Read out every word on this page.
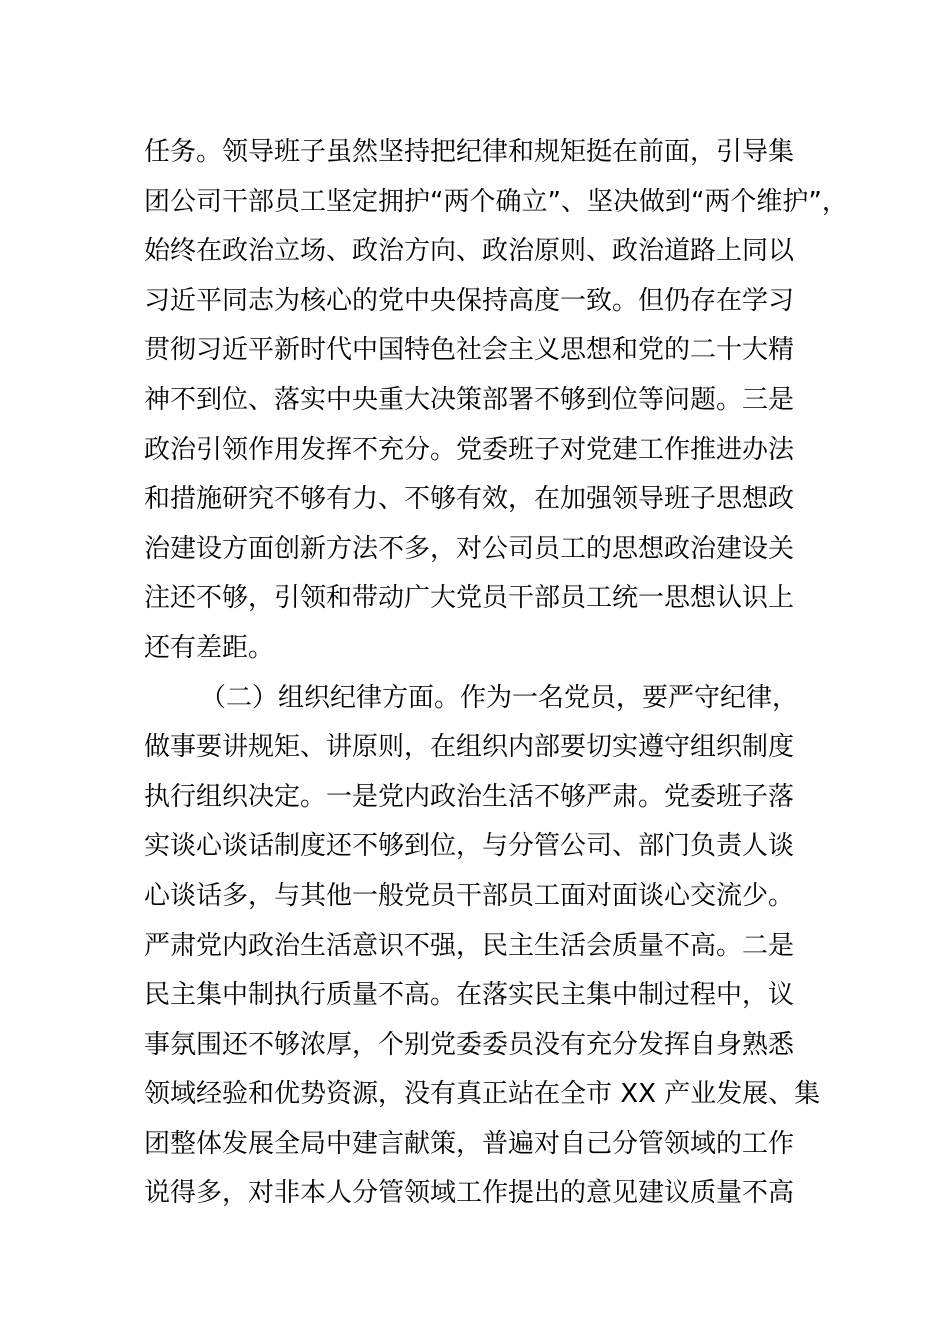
任务。领导班子虽然坚持把纪律和规矩挺在前面，引导集
团公司干部员工坚定拥护“两个确立”、坚决做到“两个维护”，
始终在政治立场、政治方向、政治原则、政治道路上同以
习近平同志为核心的党中央保持高度一致。但仍存在学习
贯彻习近平新时代中国特色社会主义思想和党的二十大精
神不到位、落实中央重大决策部署不够到位等问题。三是
政治引领作用发挥不充分。党委班子对党建工作推进办法
和措施研究不够有力、不够有效，在加强领导班子思想政
治建设方面创新方法不多，对公司员工的思想政治建设关
注还不够，引领和带动广大党员干部员工统一思想认识上
还有差距。
（二）组织纪律方面。作为一名党员，要严守纪律，
做事要讲规矩、讲原则，在组织内部要切实遵守组织制度
执行组织决定。一是党内政治生活不够严肃。党委班子落
实谈心谈话制度还不够到位，与分管公司、部门负责人谈
心谈话多，与其他一般党员干部员工面对面谈心交流少。
严肃党内政治生活意识不强，民主生活会质量不高。二是
民主集中制执行质量不高。在落实民主集中制过程中，议
事氛围还不够浓厚，个别党委委员没有充分发挥自身熟悉
领域经验和优势资源，没有真正站在全市 XX 产业发展、集
团整体发展全局中建言献策，普遍对自己分管领域的工作
说得多，对非本人分管领域工作提出的意见建议质量不高
